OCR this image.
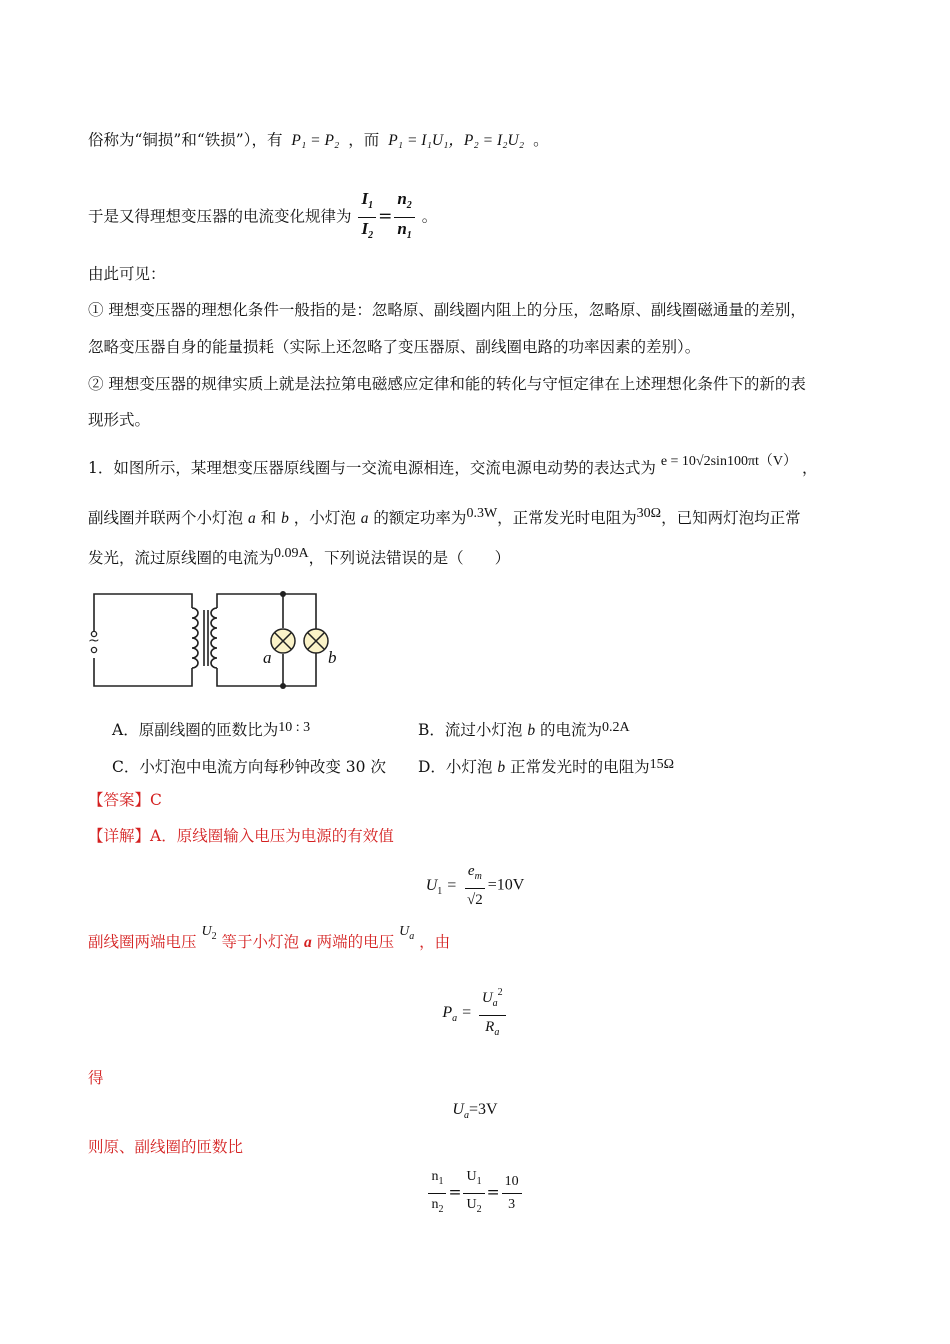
俗称为“铜损”和“铁损”），有 P₁ = P₂ ，而 P₁ = I₁U₁，P₂ = I₂U₂ 。
于是又得理想变压器的电流变化规律为 $\frac{I_1}{I_2} = \frac{n_2}{n_1}$ 。
由此可见：
① 理想变压器的理想化条件一般指的是：忽略原、副线圈内阻上的分压，忽略原、副线圈磁通量的差别，
忽略变压器自身的能量损耗（实际上还忽略了变压器原、副线圈电路的功率因素的差别）。
② 理想变压器的规律实质上就是法拉第电磁感应定律和能的转化与守恒定律在上述理想化条件下的新的表
现形式。
1．如图所示，某理想变压器原线圈与一交流电源相连，交流电源电动势的表达式为 e = 10√2sin100πt（V） ，
副线圈并联两个小灯泡 a 和 b ，小灯泡 a 的额定功率为0.3W，正常发光时电阻为30Ω，已知两灯泡均正常
发光，流过原线圈的电流为0.09A，下列说法错误的是（　　）
~
a	b
A．原副线圈的匝数比为10 : 3	B．流过小灯泡 b 的电流为0.2A
C．小灯泡中电流方向每秒钟改变 30 次 D．小灯泡 b 正常发光时的电阻为15Ω
【答案】C
【详解】A．原线圈输入电压为电源的有效值
$U_1 = \frac{e_m}{√2} =10V$
副线圈两端电压 $U_2$ 等于小灯泡 a 两端的电压 $U_a$ ，由
$P_a = \frac{U_a^2}{R_a}$
得
$U_a=3V$
则原、副线圈的匝数比
$\frac{n_1}{n_2} = \frac{U_1}{U_2} = \frac{10}{3}$
